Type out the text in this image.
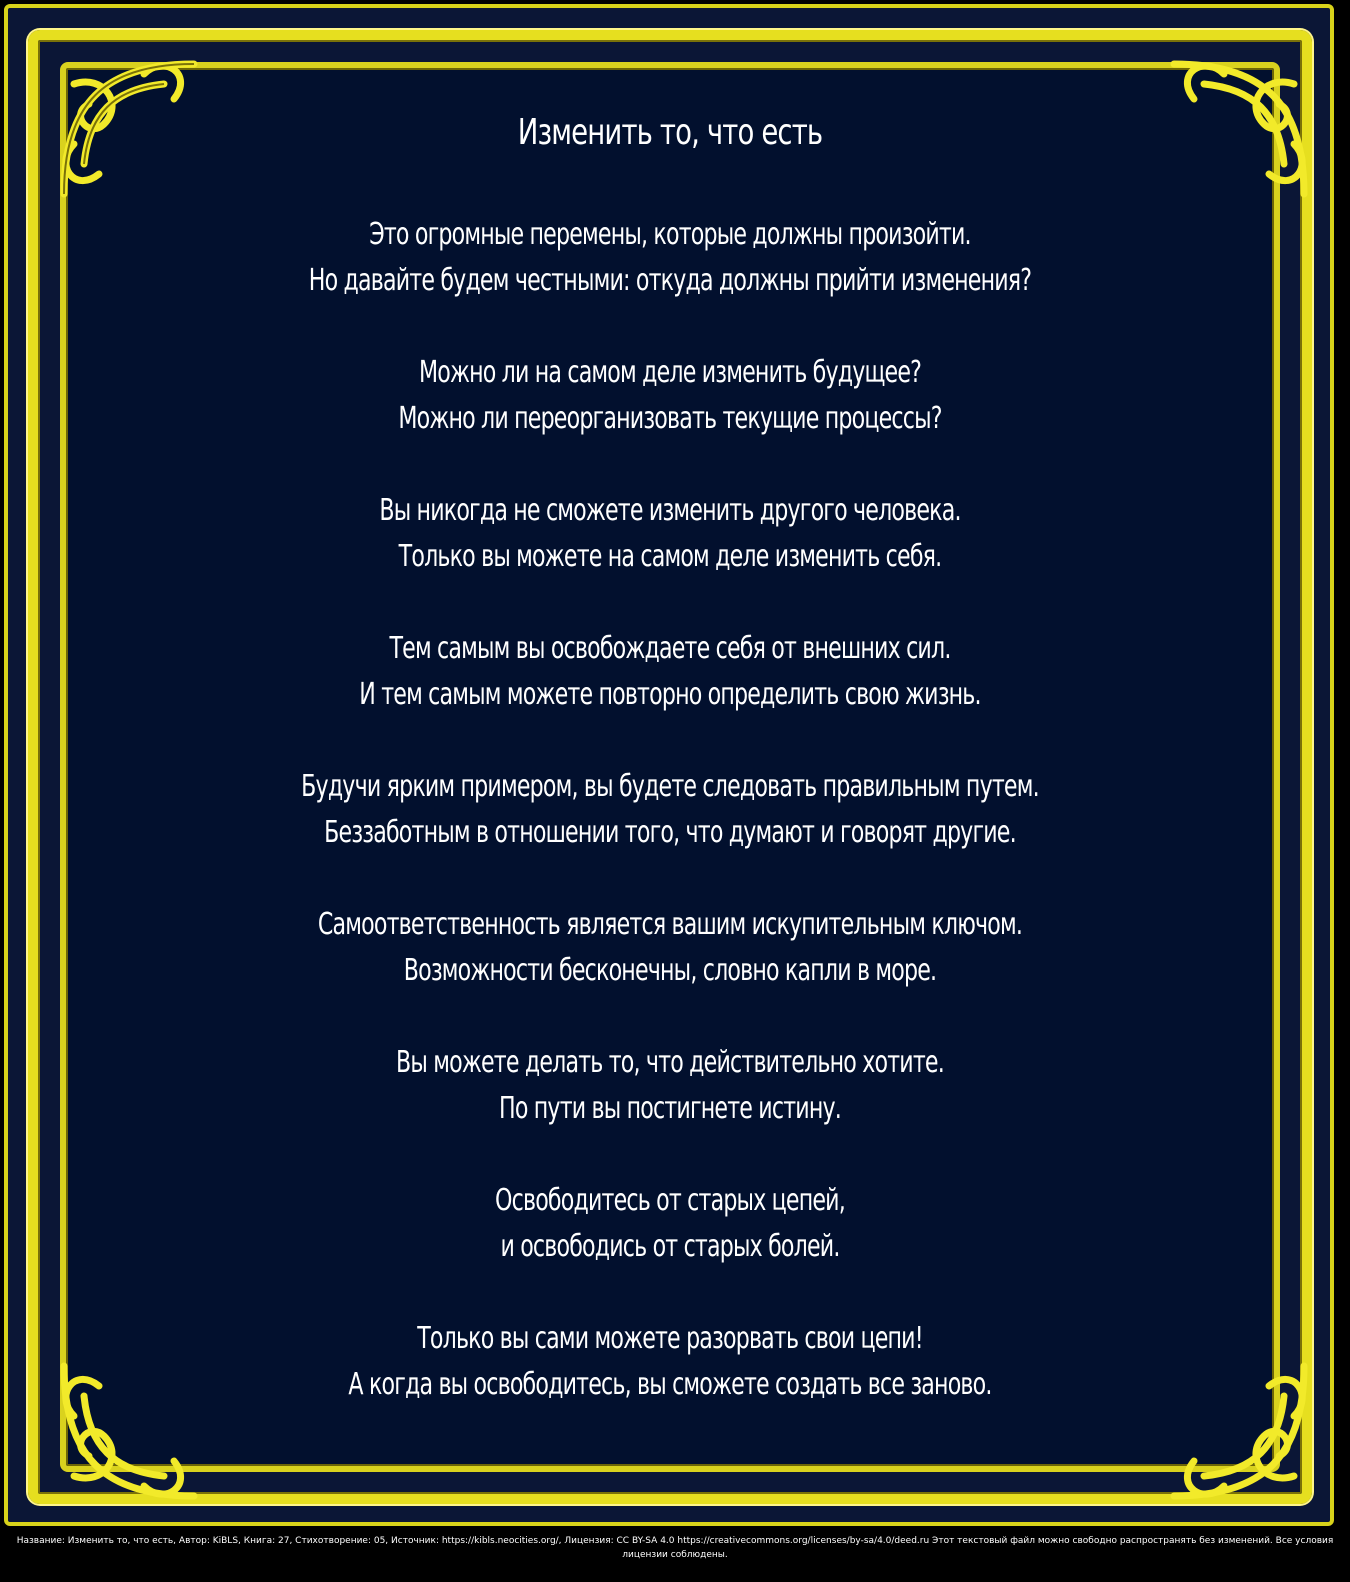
Изменить то, что есть
Это огромные перемены, которые должны произойти.
Но давайте будем честными: откуда должны прийти изменения?
Можно ли на самом деле изменить будущее?
Можно ли переорганизовать текущие процессы?
Вы никогда не сможете изменить другого человека.
Только вы можете на самом деле изменить себя.
Тем самым вы освобождаете себя от внешних сил.
И тем самым можете повторно определить свою жизнь.
Будучи ярким примером, вы будете следовать правильным путем.
Беззаботным в отношении того, что думают и говорят другие.
Самоответственность является вашим искупительным ключом.
Возможности бесконечны, словно капли в море.
Вы можете делать то, что действительно хотите.
По пути вы постигнете истину.
Освободитесь от старых цепей,
и освободись от старых болей.
Только вы сами можете разорвать свои цепи!
А когда вы освободитесь, вы сможете создать все заново.
Название: Изменить то, что есть, Автор: KiBLS, Книга: 27, Стихотворение: 05, Источник: https://kibls.neocities.org/, Лицензия: CC BY-SA 4.0 https://creativecommons.org/licenses/by-sa/4.0/deed.ru Этот текстовый файл можно свободно распространять без изменений. Все условия лицензии соблюдены.
